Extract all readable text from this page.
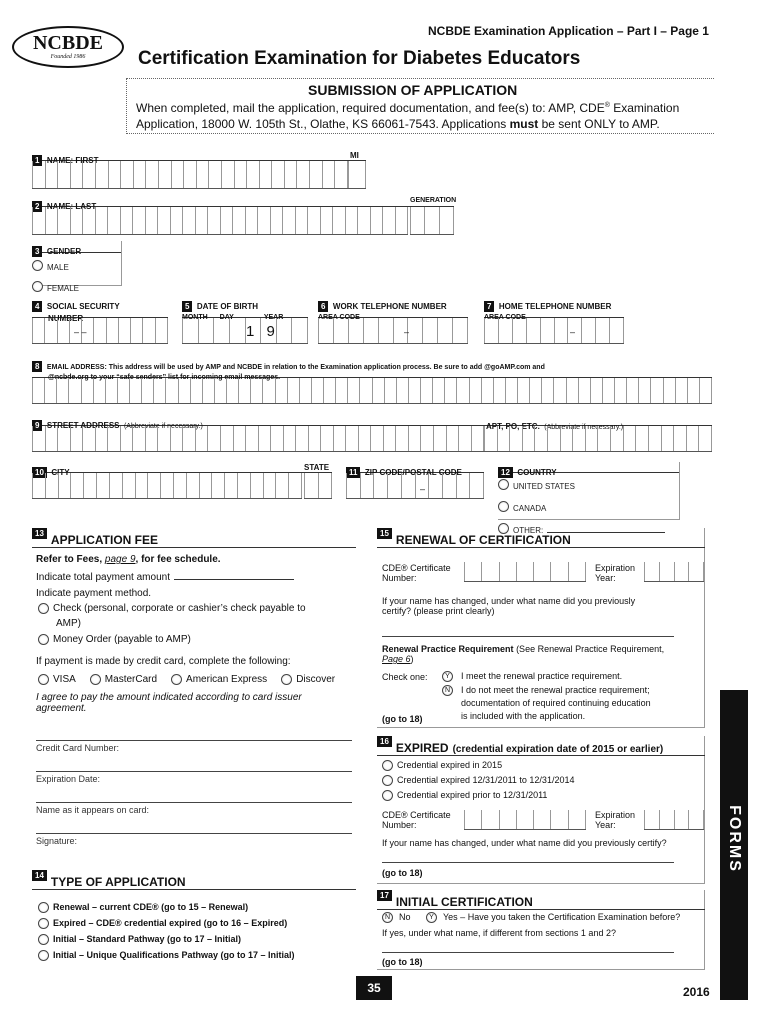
NCBDE Examination Application – Part I – Page 1
NCBDE
Founded 1986	Certification Examination for Diabetes Educators
SUBMISSION OF APPLICATION
When completed, mail the application, required documentation, and fee(s) to: AMP, CDE® Examination
Application, 18000 W. 105th St., Olathe, KS 66061-7543. Applications must be sent ONLY to AMP.
1 NAME: FIRST
MI
2 NAME: LAST
GENERATION
3 GENDER
MALE
FEMALE
4 SOCIAL SECURITY
NUMBER
– –
5 DATE OF BIRTH
MONTH DAY	YEAR
1 9
6 WORK TELEPHONE NUMBER
AREA CODE
–
7 HOME TELEPHONE NUMBER
AREA CODE
–
8 EMAIL ADDRESS: This address will be used by AMP and NCBDE in relation to the Examination application process. Be sure to add @goAMP.com and
@ncbde.org to your “safe senders” list for incoming email messages.
9 STREET ADDRESS (Abbreviate if necessary.)	APT, PO, ETC. (Abbreviate if necessary.)
10 CITY
STATE
11 ZIP CODE/POSTAL CODE
–
12 COUNTRY
UNITED STATES
CANADA
OTHER:
13 APPLICATION FEE
Refer to Fees, page 9, for fee schedule.
Indicate total payment amount
Indicate payment method.
Check (personal, corporate or cashier’s check payable to
AMP)
Money Order (payable to AMP)
If payment is made by credit card, complete the following:
VISA	MasterCard	American Express	Discover
I agree to pay the amount indicated according to card issuer
agreement.
Credit Card Number:
Expiration Date:
Name as it appears on card:
Signature:
14 TYPE OF APPLICATION
Renewal – current CDE® (go to 15 – Renewal)
Expired – CDE® credential expired (go to 16 – Expired)
Initial – Standard Pathway (go to 17 – Initial)
Initial – Unique Qualifications Pathway (go to 17 – Initial)
15 RENEWAL OF CERTIFICATION
CDE® Certificate
Number:
Expiration
Year:
If your name has changed, under what name did you previously
certify? (please print clearly)
Renewal Practice Requirement (See Renewal Practice Requirement,
Page 6)
Check one:	Y I meet the renewal practice requirement.
N I do not meet the renewal practice requirement;
documentation of required continuing education
is included with the application.
(go to 18)
16 EXPIRED (credential expiration date of 2015 or earlier)
Credential expired in 2015
Credential expired 12/31/2011 to 12/31/2014
Credential expired prior to 12/31/2011
CDE® Certificate
Number:
Expiration
Year:
If your name has changed, under what name did you previously certify?
(go to 18)
17 INITIAL CERTIFICATION
N No	Y Yes – Have you taken the Certification Examination before?
If yes, under what name, if different from sections 1 and 2?
(go to 18)
35	2016
FORMS
